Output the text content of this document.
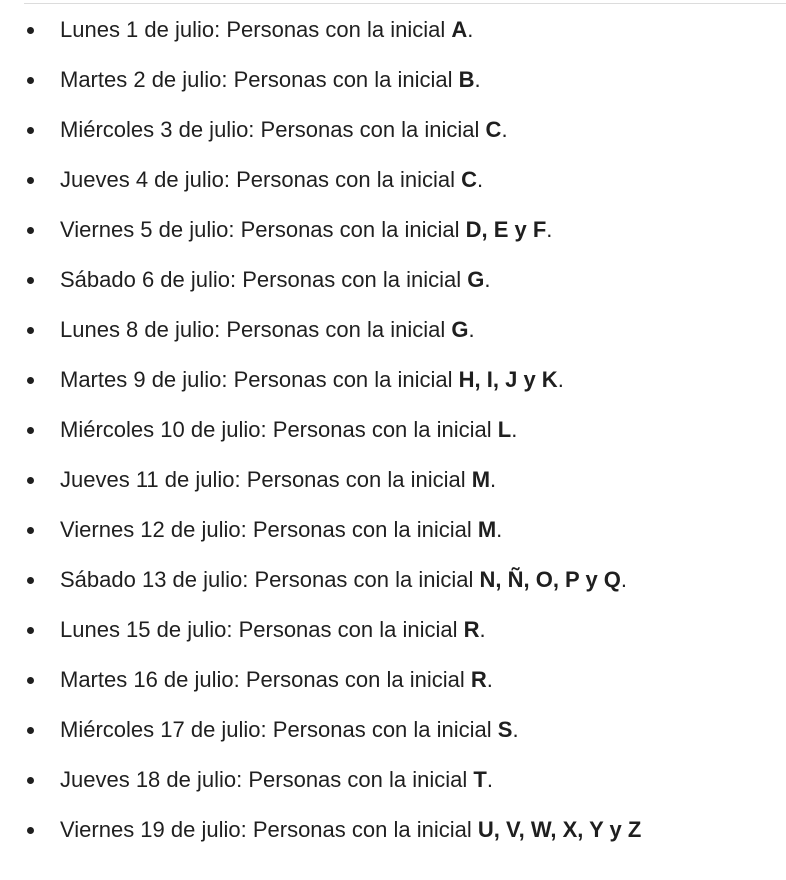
Lunes 1 de julio: Personas con la inicial A.
Martes 2 de julio: Personas con la inicial B.
Miércoles 3 de julio: Personas con la inicial C.
Jueves 4 de julio: Personas con la inicial C.
Viernes 5 de julio: Personas con la inicial D, E y F.
Sábado 6 de julio: Personas con la inicial G.
Lunes 8 de julio: Personas con la inicial G.
Martes 9 de julio: Personas con la inicial H, I, J y K.
Miércoles 10 de julio: Personas con la inicial L.
Jueves 11 de julio: Personas con la inicial M.
Viernes 12 de julio: Personas con la inicial M.
Sábado 13 de julio: Personas con la inicial N, Ñ, O, P y Q.
Lunes 15 de julio: Personas con la inicial R.
Martes 16 de julio: Personas con la inicial R.
Miércoles 17 de julio: Personas con la inicial S.
Jueves 18 de julio: Personas con la inicial T.
Viernes 19 de julio: Personas con la inicial U, V, W, X, Y y Z
